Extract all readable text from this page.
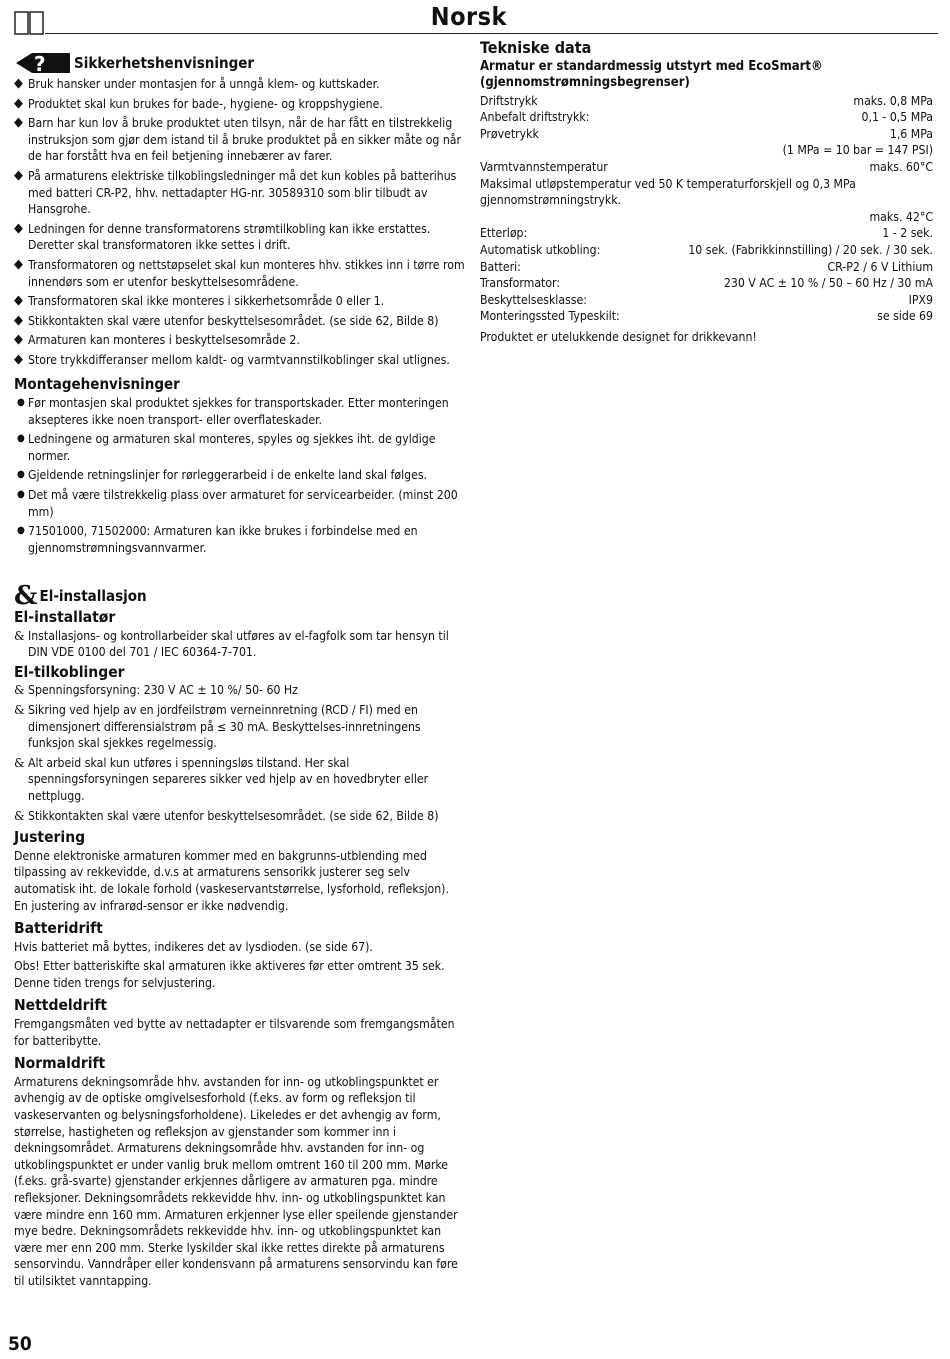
Norsk
? Sikkerhetshenvisninger
◆ Bruk hansker under montasjen for å unngå klem- og kuttskader.
◆ Produktet skal kun brukes for bade-, hygiene- og kroppshygiene.
◆ Barn har kun lov å bruke produktet uten tilsyn, når de har fått en tilstrekkelig instruksjon som gjør dem istand til å bruke produktet på en sikker måte og når de har forstått hva en feil betjening innebærer av farer.
◆ På armaturens elektriske tilkoblingsledninger må det kun kobles på batterihus med batteri CR-P2, hhv. nettadapter HG-nr. 30589310 som blir tilbudt av Hansgrohe.
◆ Ledningen for denne transformatorens strømtilkobling kan ikke erstattes. Deretter skal transformatoren ikke settes i drift.
◆ Transformatoren og nettstøpselet skal kun monteres hhv. stikkes inn i tørre rom innendørs som er utenfor beskyttelsesområdene.
◆ Transformatoren skal ikke monteres i sikkerhetsområde 0 eller 1.
◆ Stikkontakten skal være utenfor beskyttelsesområdet. (se side 62, Bilde 8)
◆ Armaturen kan monteres i beskyttelsesområde 2.
◆ Store trykkdifferanser mellom kaldt- og varmtvannstilkoblinger skal utlignes.
Montagehenvisninger
● Før montasjen skal produktet sjekkes for transportskader. Etter monteringen aksepteres ikke noen transport- eller overflateskader.
● Ledningene og armaturen skal monteres, spyles og sjekkes iht. de gyldige normer.
● Gjeldende retningslinjer for rørleggerarbeid i de enkelte land skal følges.
● Det må være tilstrekkelig plass over armaturet for servicearbeider. (minst 200 mm)
● 71501000, 71502000: Armaturen kan ikke brukes i forbindelse med en gjennomstrømningsvannvarmer.
& El-installasjon
El-installatør
& Installasjons- og kontrollarbeider skal utføres av el-fagfolk som tar hensyn til DIN VDE 0100 del 701 / IEC 60364-7-701.
El-tilkoblinger
& Spenningsforsyning: 230 V AC ± 10 %/ 50- 60 Hz
& Sikring ved hjelp av en jordfeilstrøm verneinnretning (RCD / FI) med en dimensjonert differensialstrøm på ≤ 30 mA. Beskyttelses-innretningens funksjon skal sjekkes regelmessig.
& Alt arbeid skal kun utføres i spenningsløs tilstand. Her skal spenningsforsyningen separeres sikker ved hjelp av en hovedbryter eller nettplugg.
& Stikkontakten skal være utenfor beskyttelsesområdet. (se side 62, Bilde 8)
Justering
Denne elektroniske armaturen kommer med en bakgrunns-utblending med tilpassing av rekkevidde, d.v.s at armaturens sensorikk justerer seg selv automatisk iht. de lokale forhold (vaskeservantstørrelse, lysforhold, refleksjon). En justering av infrarød-sensor er ikke nødvendig.
Batteridrift
Hvis batteriet må byttes, indikeres det av lysdioden. (se side 67).
Obs! Etter batteriskifte skal armaturen ikke aktiveres før etter omtrent 35 sek. Denne tiden trengs for selvjustering.
Nettdeldrift
Fremgangsmåten ved bytte av nettadapter er tilsvarende som fremgangsmåten for batteribytte.
Normaldrift
Armaturens dekningsområde hhv. avstanden for inn- og utkoblingspunktet er avhengig av de optiske omgivelsesforhold (f.eks. av form og refleksjon til vaskeservanten og belysningsforholdene). Likeledes er det avhengig av form, størrelse, hastigheten og refleksjon av gjenstander som kommer inn i dekningsområdet. Armaturens dekningsområde hhv. avstanden for inn- og utkoblingspunktet er under vanlig bruk mellom omtrent 160 til 200 mm. Mørke (f.eks. grå-svarte) gjenstander erkjennes dårligere av armaturen pga. mindre refleksjoner. Dekningsområdets rekkevidde hhv. inn- og utkoblingspunktet kan være mindre enn 160 mm. Armaturen erkjenner lyse eller speilende gjenstander mye bedre. Dekningsområdets rekkevidde hhv. inn- og utkoblingspunktet kan være mer enn 200 mm. Sterke lyskilder skal ikke rettes direkte på armaturens sensorvindu. Vanndråper eller kondensvann på armaturens sensorvindu kan føre til utilsiktet vanntapping.
Tekniske data
Armatur er standardmessig utstyrt med EcoSmart® (gjennomstrømningsbegrenser)
Driftstrykk	maks. 0,8 MPa
Anbefalt driftstrykk:	0,1 - 0,5 MPa
Prøvetrykk	1,6 MPa
(1 MPa = 10 bar = 147 PSI)
Varmtvannstemperatur	maks. 60°C
Maksimal utløpstemperatur ved 50 K temperaturforskjell og 0,3 MPa gjennomstrømningstrykk.
maks. 42°C
Etterløp:	1 - 2 sek.
Automatisk utkobling:	10 sek. (Fabrikkinnstilling) / 20 sek. / 30 sek.
Batteri:	CR-P2 / 6 V Lithium
Transformator:	230 V AC ± 10 % / 50 – 60 Hz / 30 mA
Beskyttelsesklasse:	IPX9
Monteringssted Typeskilt:	se side 69
Produktet er utelukkende designet for drikkevann!
50
